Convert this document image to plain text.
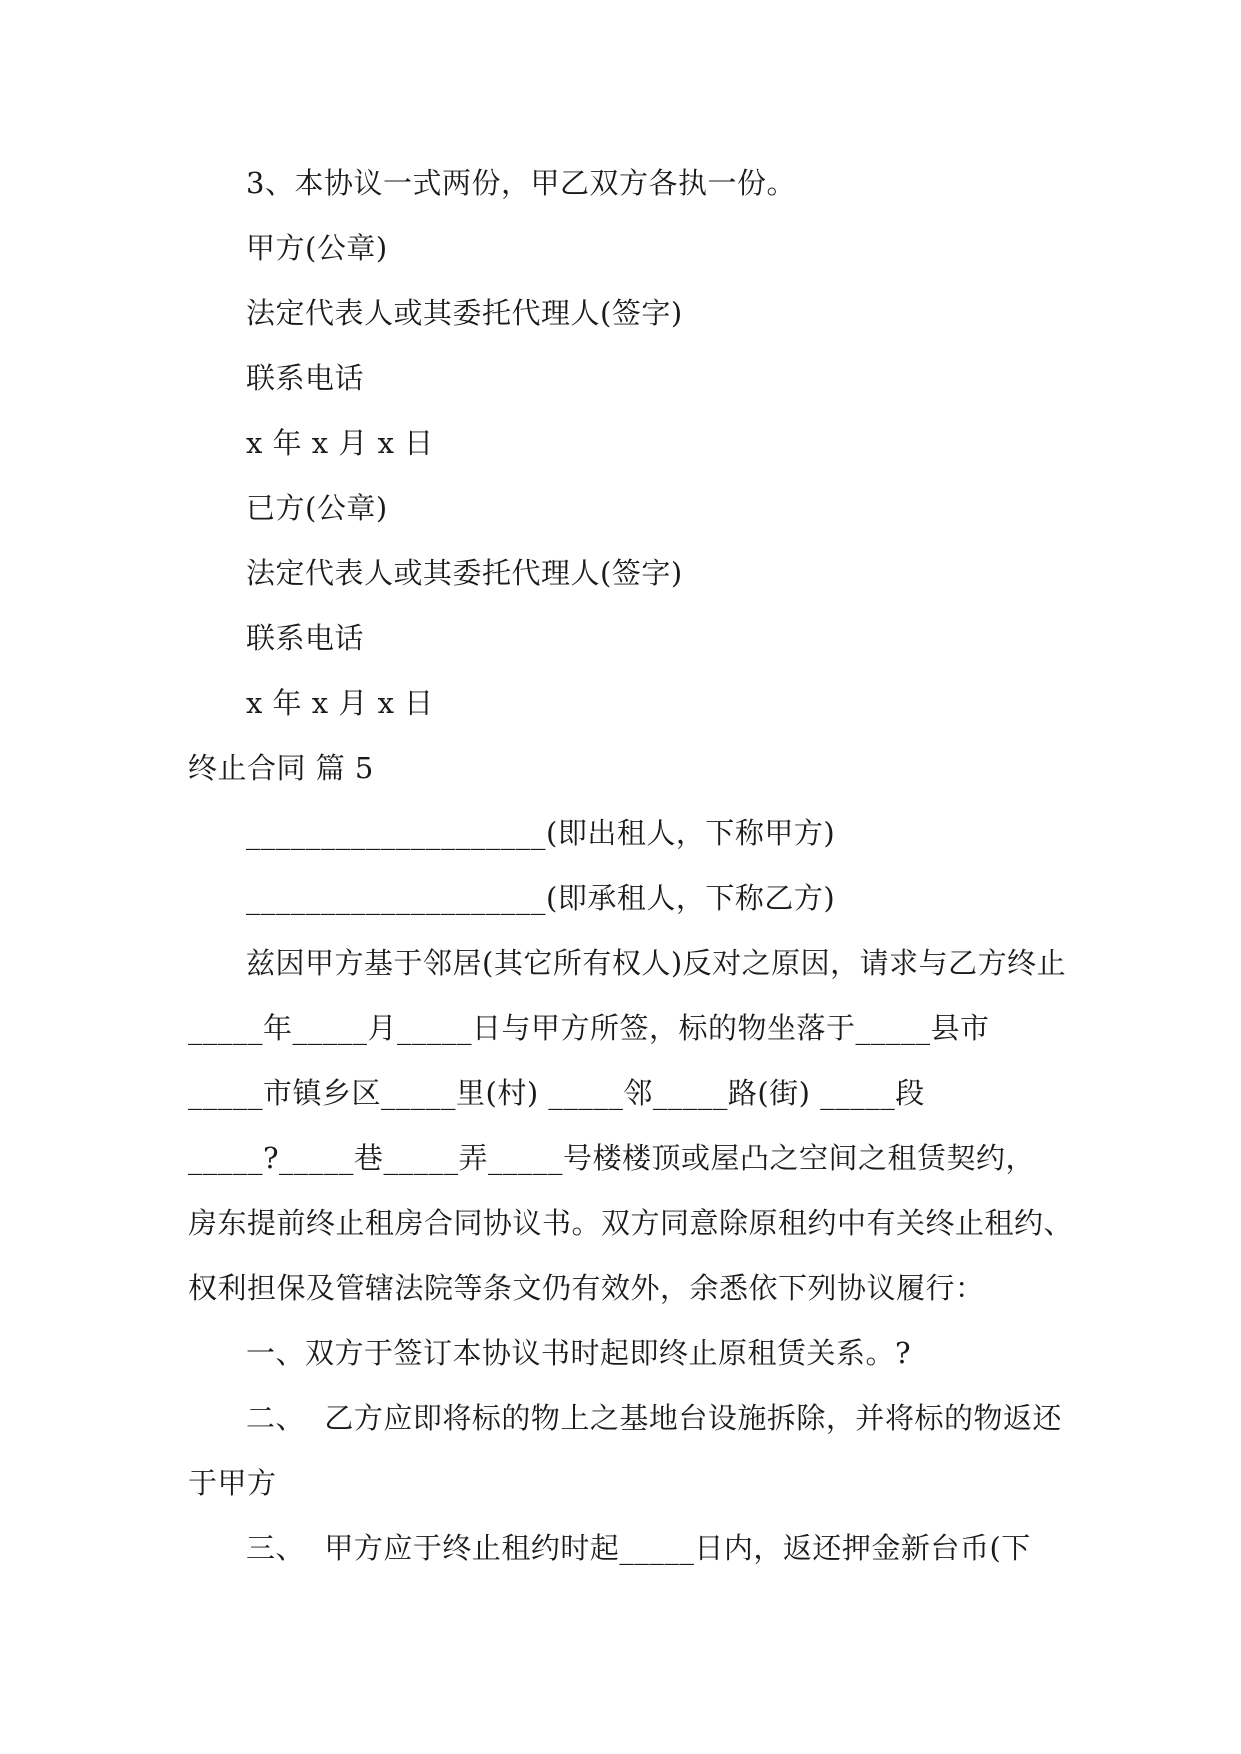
3、本协议一式两份，甲乙双方各执一份。
甲方(公章)
法定代表人或其委托代理人(签字)
联系电话
x 年 x 月 x 日
已方(公章)
法定代表人或其委托代理人(签字)
联系电话
x 年 x 月 x 日
终止合同 篇 5
____________________(即出租人，下称甲方)
____________________(即承租人，下称乙方)
兹因甲方基于邻居(其它所有权人)反对之原因，请求与乙方终止
_____年_____月_____日与甲方所签，标的物坐落于_____县市
_____市镇乡区_____里(村) _____邻_____路(街) _____段
_____?_____巷_____弄_____号楼楼顶或屋凸之空间之租赁契约，
房东提前终止租房合同协议书。双方同意除原租约中有关终止租约、
权利担保及管辖法院等条文仍有效外，余悉依下列协议履行：
一、双方于签订本协议书时起即终止原租赁关系。?
二、  乙方应即将标的物上之基地台设施拆除，并将标的物返还
于甲方
三、  甲方应于终止租约时起_____日内，返还押金新台币(下
